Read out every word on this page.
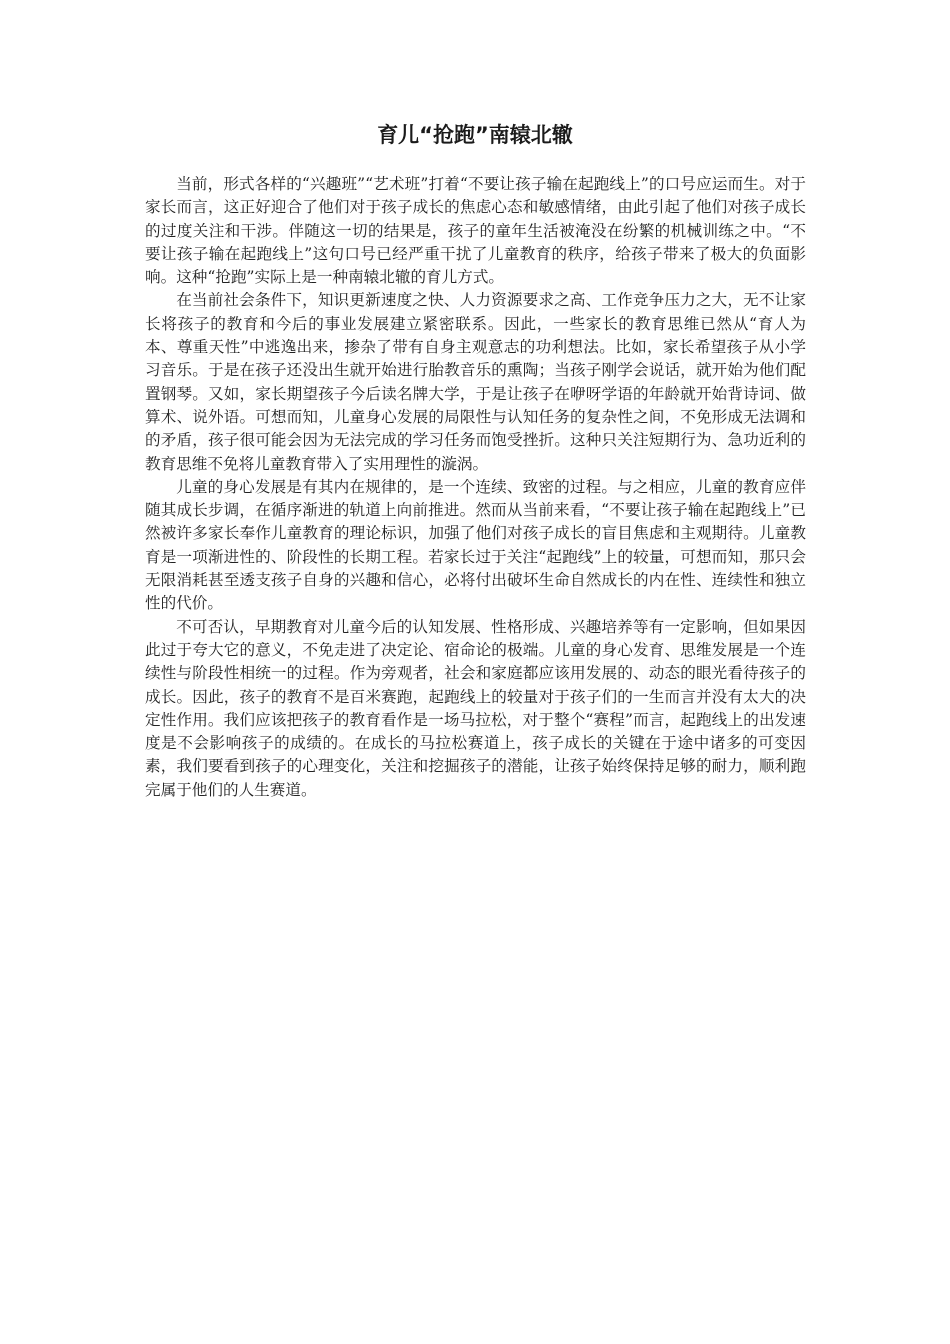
育儿“抢跑”南辕北辙

当前，形式各样的“兴趣班”“艺术班”打着“不要让孩子输在起跑线上”的口号应运而生。对于家长而言，这正好迎合了他们对于孩子成长的焦虑心态和敏感情绪，由此引起了他们对孩子成长的过度关注和干涉。伴随这一切的结果是，孩子的童年生活被淹没在纷繁的机械训练之中。“不要让孩子输在起跑线上”这句口号已经严重干扰了儿童教育的秩序，给孩子带来了极大的负面影响。这种“抢跑”实际上是一种南辕北辙的育儿方式。

在当前社会条件下，知识更新速度之快、人力资源要求之高、工作竞争压力之大，无不让家长将孩子的教育和今后的事业发展建立紧密联系。因此，一些家长的教育思维已然从“育人为本、尊重天性”中逃逸出来，掺杂了带有自身主观意志的功利想法。比如，家长希望孩子从小学习音乐。于是在孩子还没出生就开始进行胎教音乐的熏陶；当孩子刚学会说话，就开始为他们配置钢琴。又如，家长期望孩子今后读名牌大学，于是让孩子在咿呀学语的年龄就开始背诗词、做算术、说外语。可想而知，儿童身心发展的局限性与认知任务的复杂性之间，不免形成无法调和的矛盾，孩子很可能会因为无法完成的学习任务而饱受挫折。这种只关注短期行为、急功近利的教育思维不免将儿童教育带入了实用理性的漩涡。

儿童的身心发展是有其内在规律的，是一个连续、致密的过程。与之相应，儿童的教育应伴随其成长步调，在循序渐进的轨道上向前推进。然而从当前来看，“不要让孩子输在起跑线上”已然被许多家长奉作儿童教育的理论标识，加强了他们对孩子成长的盲目焦虑和主观期待。儿童教育是一项渐进性的、阶段性的长期工程。若家长过于关注“起跑线”上的较量，可想而知，那只会无限消耗甚至透支孩子自身的兴趣和信心，必将付出破坏生命自然成长的内在性、连续性和独立性的代价。

不可否认，早期教育对儿童今后的认知发展、性格形成、兴趣培养等有一定影响，但如果因此过于夸大它的意义，不免走进了决定论、宿命论的极端。儿童的身心发育、思维发展是一个连续性与阶段性相统一的过程。作为旁观者，社会和家庭都应该用发展的、动态的眼光看待孩子的成长。因此，孩子的教育不是百米赛跑，起跑线上的较量对于孩子们的一生而言并没有太大的决定性作用。我们应该把孩子的教育看作是一场马拉松，对于整个“赛程”而言，起跑线上的出发速度是不会影响孩子的成绩的。在成长的马拉松赛道上，孩子成长的关键在于途中诸多的可变因素，我们要看到孩子的心理变化，关注和挖掘孩子的潜能，让孩子始终保持足够的耐力，顺利跑完属于他们的人生赛道。
